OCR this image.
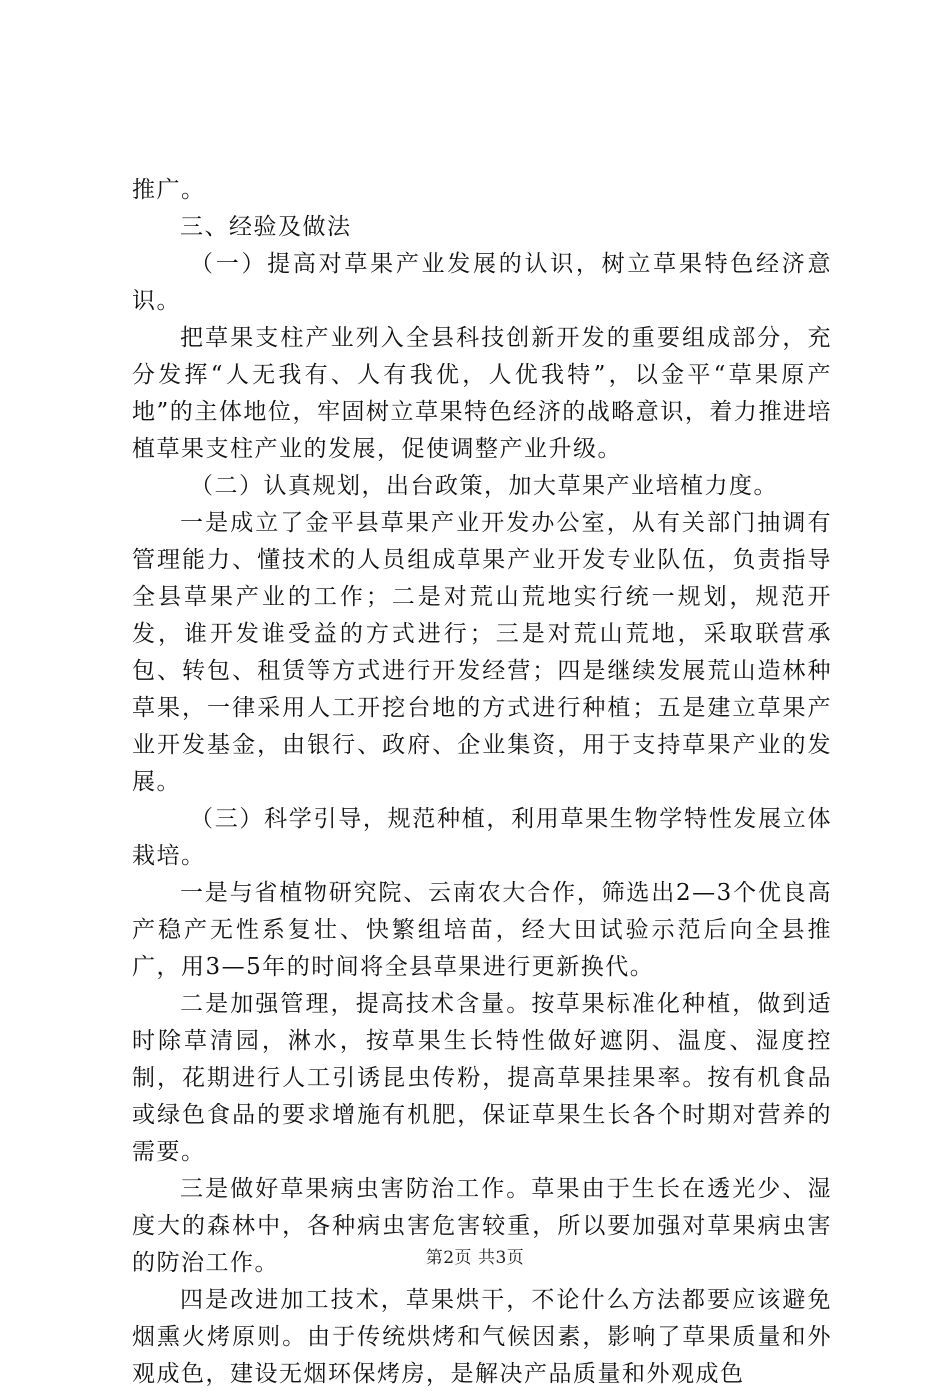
推广。

三、经验及做法

（一）提高对草果产业发展的认识，树立草果特色经济意识。

把草果支柱产业列入全县科技创新开发的重要组成部分，充分发挥“人无我有、人有我优，人优我特”，以金平“草果原产地”的主体地位，牢固树立草果特色经济的战略意识，着力推进培植草果支柱产业的发展，促使调整产业升级。

（二）认真规划，出台政策，加大草果产业培植力度。

一是成立了金平县草果产业开发办公室，从有关部门抽调有管理能力、懂技术的人员组成草果产业开发专业队伍，负责指导全县草果产业的工作；二是对荒山荒地实行统一规划，规范开发，谁开发谁受益的方式进行；三是对荒山荒地，采取联营承包、转包、租赁等方式进行开发经营；四是继续发展荒山造林种草果，一律采用人工开挖台地的方式进行种植；五是建立草果产业开发基金，由银行、政府、企业集资，用于支持草果产业的发展。

（三）科学引导，规范种植，利用草果生物学特性发展立体栽培。

一是与省植物研究院、云南农大合作，筛选出2—3个优良高产稳产无性系复壮、快繁组培苗，经大田试验示范后向全县推广，用3—5年的时间将全县草果进行更新换代。

二是加强管理，提高技术含量。按草果标准化种植，做到适时除草清园，淋水，按草果生长特性做好遮阴、温度、湿度控制，花期进行人工引诱昆虫传粉，提高草果挂果率。按有机食品或绿色食品的要求增施有机肥，保证草果生长各个时期对营养的需要。

三是做好草果病虫害防治工作。草果由于生长在透光少、湿度大的森林中，各种病虫害危害较重，所以要加强对草果病虫害的防治工作。

四是改进加工技术，草果烘干，不论什么方法都要应该避免烟熏火烤原则。由于传统烘烤和气候因素，影响了草果质量和外观成色，建设无烟环保烤房，是解决产品质量和外观成色

第2页 共3页
